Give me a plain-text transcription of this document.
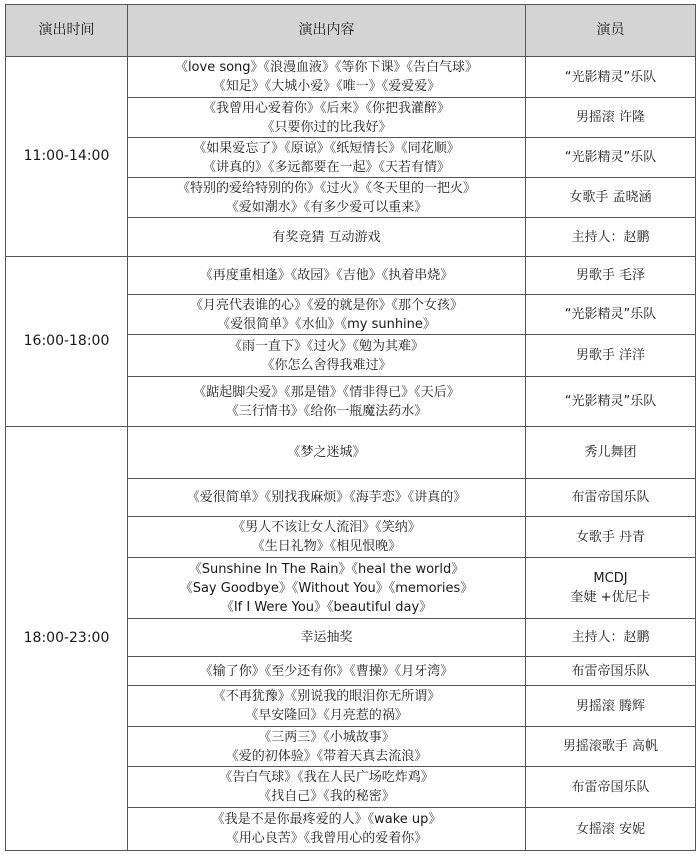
演出时间	演出内容	演员
11:00-14:00	《love song》《浪漫血液》《等你下课》《告白气球》
《知足》《大城小爱》《唯一》《爱爱爱》	“光影精灵”乐队

	《我曾用心爱着你》《后来》《你把我灌醉》
《只要你过的比我好》	男摇滚 许隆

	《如果爱忘了》《原谅》《纸短情长》《同花顺》
《讲真的》《多远都要在一起》《天若有情》	“光影精灵”乐队

	《特别的爱给特别的你》《过火》《冬天里的一把火》
《爱如潮水》《有多少爱可以重来》	女歌手 孟晓涵

	有奖竞猜 互动游戏	主持人：赵鹏

16:00-18:00	《再度重相逢》《故园》《吉他》《执着串烧》	男歌手 毛泽

	《月亮代表谁的心》《爱的就是你》《那个女孩》
《爱很简单》《水仙》《my sunhine》	“光影精灵”乐队

	《雨一直下》《过火》《勉为其难》
《你怎么舍得我难过》	男歌手 洋洋

	《踮起脚尖爱》《那是错》《情非得已》《天后》
《三行情书》《给你一瓶魔法药水》	“光影精灵”乐队

18:00-23:00	《梦之迷城》	秀儿舞团

	《爱很简单》《别找我麻烦》《海芋恋》《讲真的》	布雷帝国乐队

	《男人不该让女人流泪》《笑纳》
《生日礼物》《相见恨晚》	女歌手 丹青

	《Sunshine In The Rain》《heal the world》
《Say Goodbye》《Without You》《memories》
《If I Were You》《beautiful day》	MCDJ
奎婕 +优尼卡

	幸运抽奖	主持人：赵鹏

	《输了你》《至少还有你》《曹操》《月牙湾》	布雷帝国乐队

	《不再犹豫》《别说我的眼泪你无所谓》
《早安隆回》《月亮惹的祸》	男摇滚 腾辉

	《三两三》《小城故事》
《爱的初体验》《带着天真去流浪》	男摇滚歌手 高帆

	《告白气球》《我在人民广场吃炸鸡》
《找自己》《我的秘密》	布雷帝国乐队

	《我是不是你最疼爱的人》《wake up》
《用心良苦》《我曾用心的爱着你》	女摇滚 安妮
